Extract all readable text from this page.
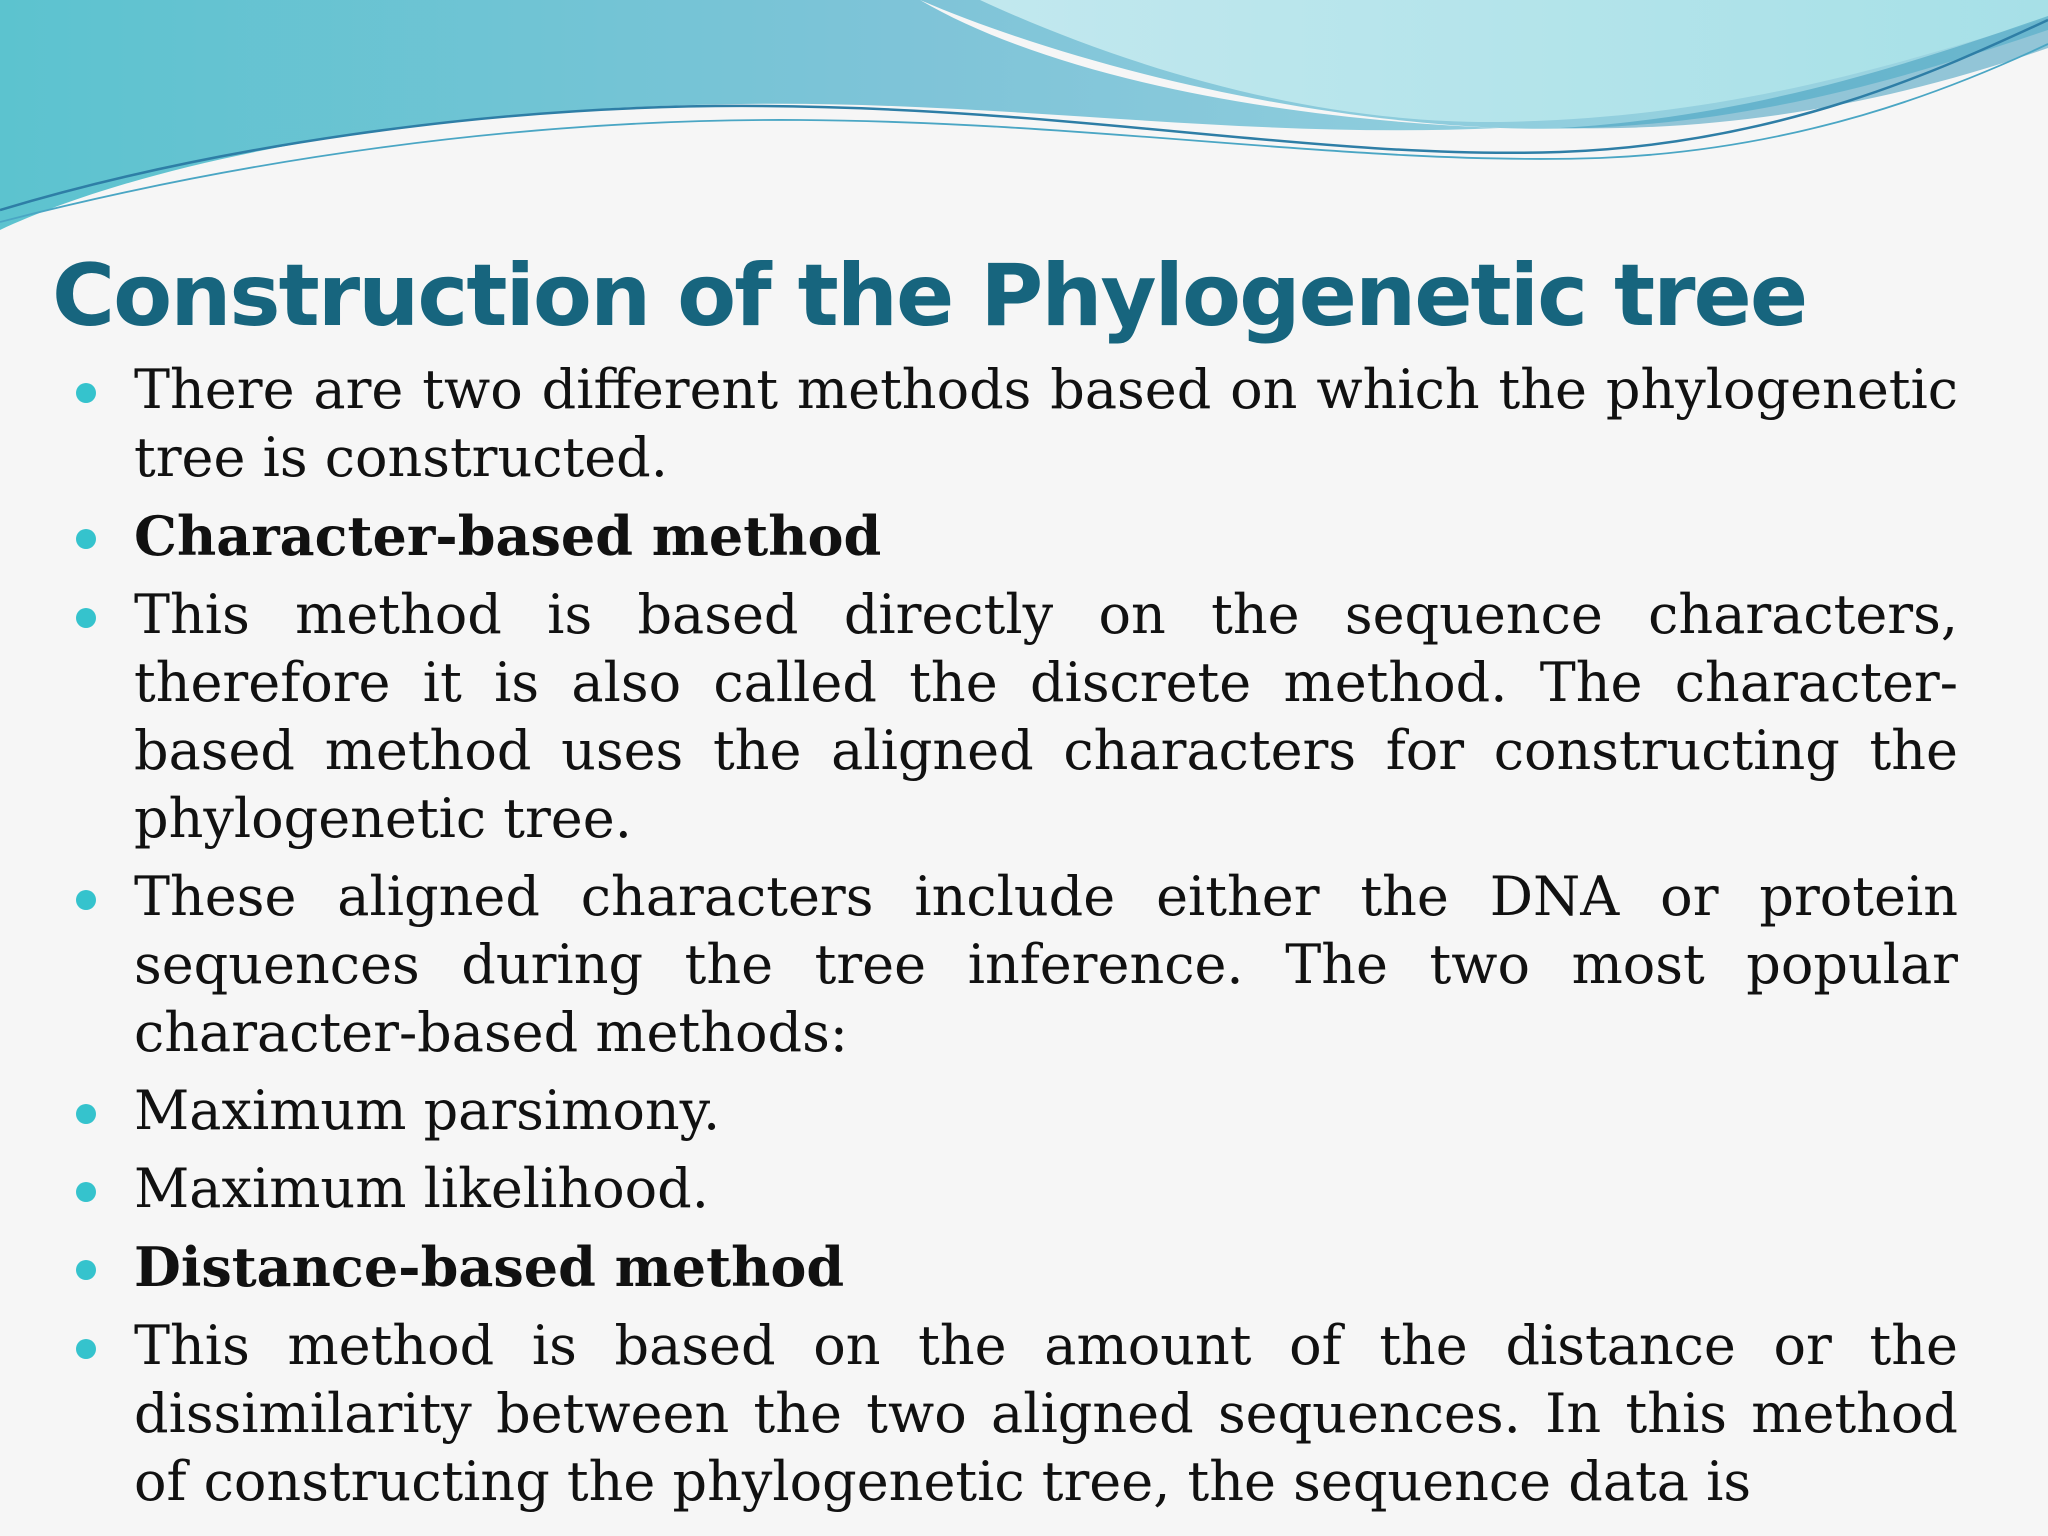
Construction of the Phylogenetic tree
There are two different methods based on which the phylogenetic tree is constructed.
Character-based method
This method is based directly on the sequence characters, therefore it is also called the discrete method. The character-based method uses the aligned characters for constructing the phylogenetic tree.
These aligned characters include either the DNA or protein sequences during the tree inference. The two most popular character-based methods:
Maximum parsimony.
Maximum likelihood.
Distance-based method
This method is based on the amount of the distance or the dissimilarity between the two aligned sequences. In this method of constructing the phylogenetic tree, the sequence data is
